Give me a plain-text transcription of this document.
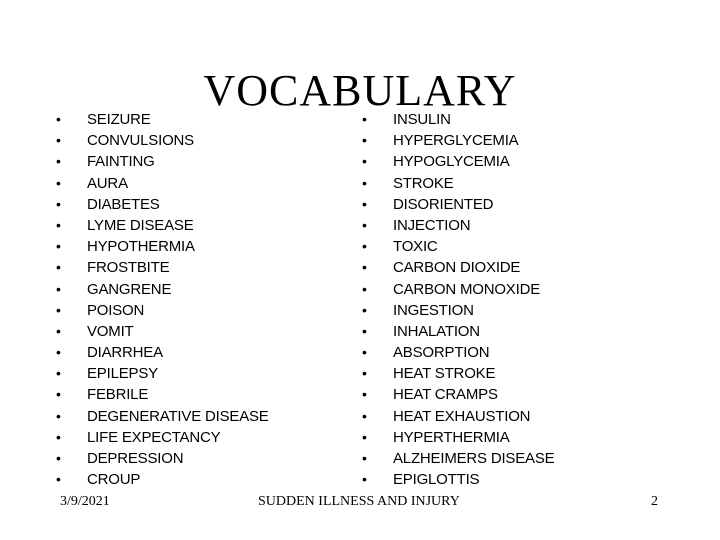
VOCABULARY
•	SEIZURE
•	CONVULSIONS
•	FAINTING
•	AURA
•	DIABETES
•	LYME DISEASE
•	HYPOTHERMIA
•	FROSTBITE
•	GANGRENE
•	POISON
•	VOMIT
•	DIARRHEA
•	EPILEPSY
•	FEBRILE
•	DEGENERATIVE DISEASE
•	LIFE EXPECTANCY
•	DEPRESSION
•	CROUP
•	INSULIN
•	HYPERGLYCEMIA
•	HYPOGLYCEMIA
•	STROKE
•	DISORIENTED
•	INJECTION
•	TOXIC
•	CARBON DIOXIDE
•	CARBON MONOXIDE
•	INGESTION
•	INHALATION
•	ABSORPTION
•	HEAT STROKE
•	HEAT CRAMPS
•	HEAT EXHAUSTION
•	HYPERTHERMIA
•	ALZHEIMERS DISEASE
•	EPIGLOTTIS
3/9/2021	SUDDEN ILLNESS AND INJURY	2
